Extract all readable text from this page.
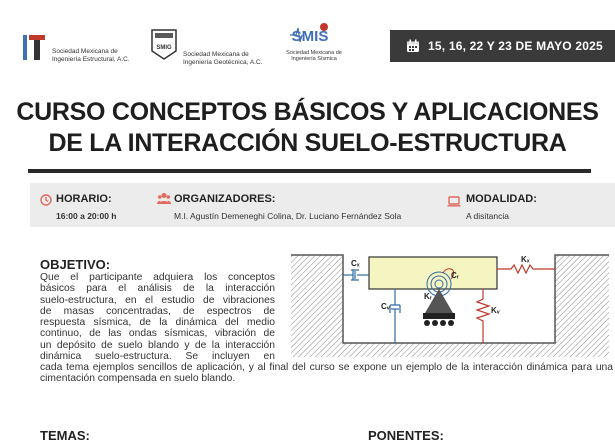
Sociedad Mexicana de Ingeniería Estructural, A.C.
SMIG
Sociedad Mexicana de Ingeniería Geotécnica, A.C.
SMIS
Sociedad Mexicana de Ingeniería Sísmica
15, 16, 22 Y 23 DE MAYO 2025
CURSO CONCEPTOS BÁSICOS Y APLICACIONES
DE LA INTERACCIÓN SUELO-ESTRUCTURA
HORARIO:
16:00 a 20:00 h
ORGANIZADORES:
M.I. Agustín Demeneghi Colina, Dr. Luciano Fernández Sola
MODALIDAD:
A disitancia
OBJETIVO:
Que el participante adquiera los conceptos
básicos para el análisis de la interacción
suelo-estructura, en el estudio de vibraciones
de masas concentradas, de espectros de
respuesta sísmica, de la dinámica del medio
continuo, de las ondas sísmicas, vibración de
un depósito de suelo blando y de la interacción
dinámica suelo-estructura. Se incluyen en
cada tema ejemplos sencillos de aplicación, y al final del curso se expone un ejemplo de la interacción dinámica para una cimentación compensada en suelo blando.
Cₓ	Kₓ
Cᵣ
Kᵣ
Cᵥ	Kᵥ
TEMAS:	PONENTES:
